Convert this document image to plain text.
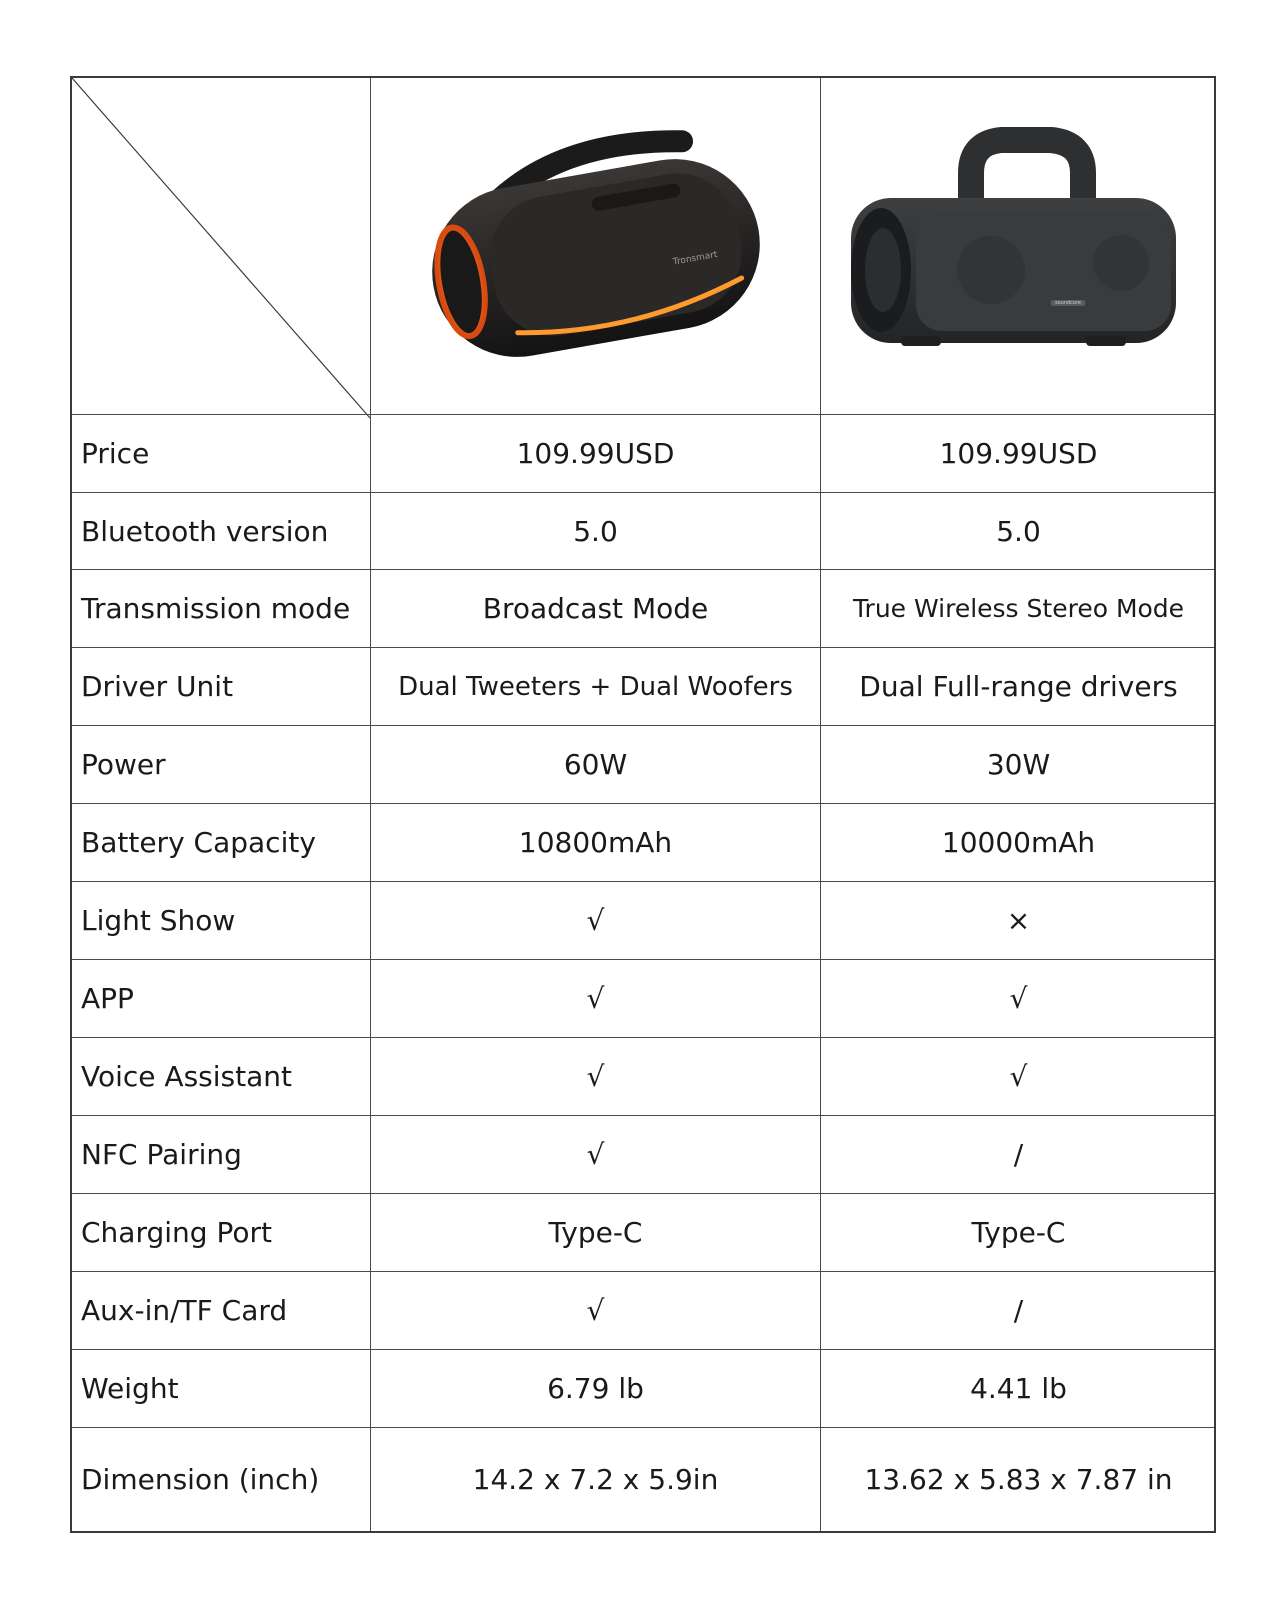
Tronsmart
soundcore
Price	109.99USD	109.99USD
Bluetooth version	5.0	5.0
Transmission mode	Broadcast Mode	True Wireless Stereo Mode
Driver Unit	Dual Tweeters + Dual Woofers	Dual Full-range drivers
Power	60W	30W
Battery Capacity	10800mAh	10000mAh
Light Show	√	×
APP	√	√
Voice Assistant	√	√
NFC Pairing	√	/
Charging Port	Type-C	Type-C
Aux-in/TF Card	√	/
Weight	6.79 lb	4.41 lb
Dimension (inch)	14.2 x 7.2 x 5.9in	13.62 x 5.83 x 7.87 in
